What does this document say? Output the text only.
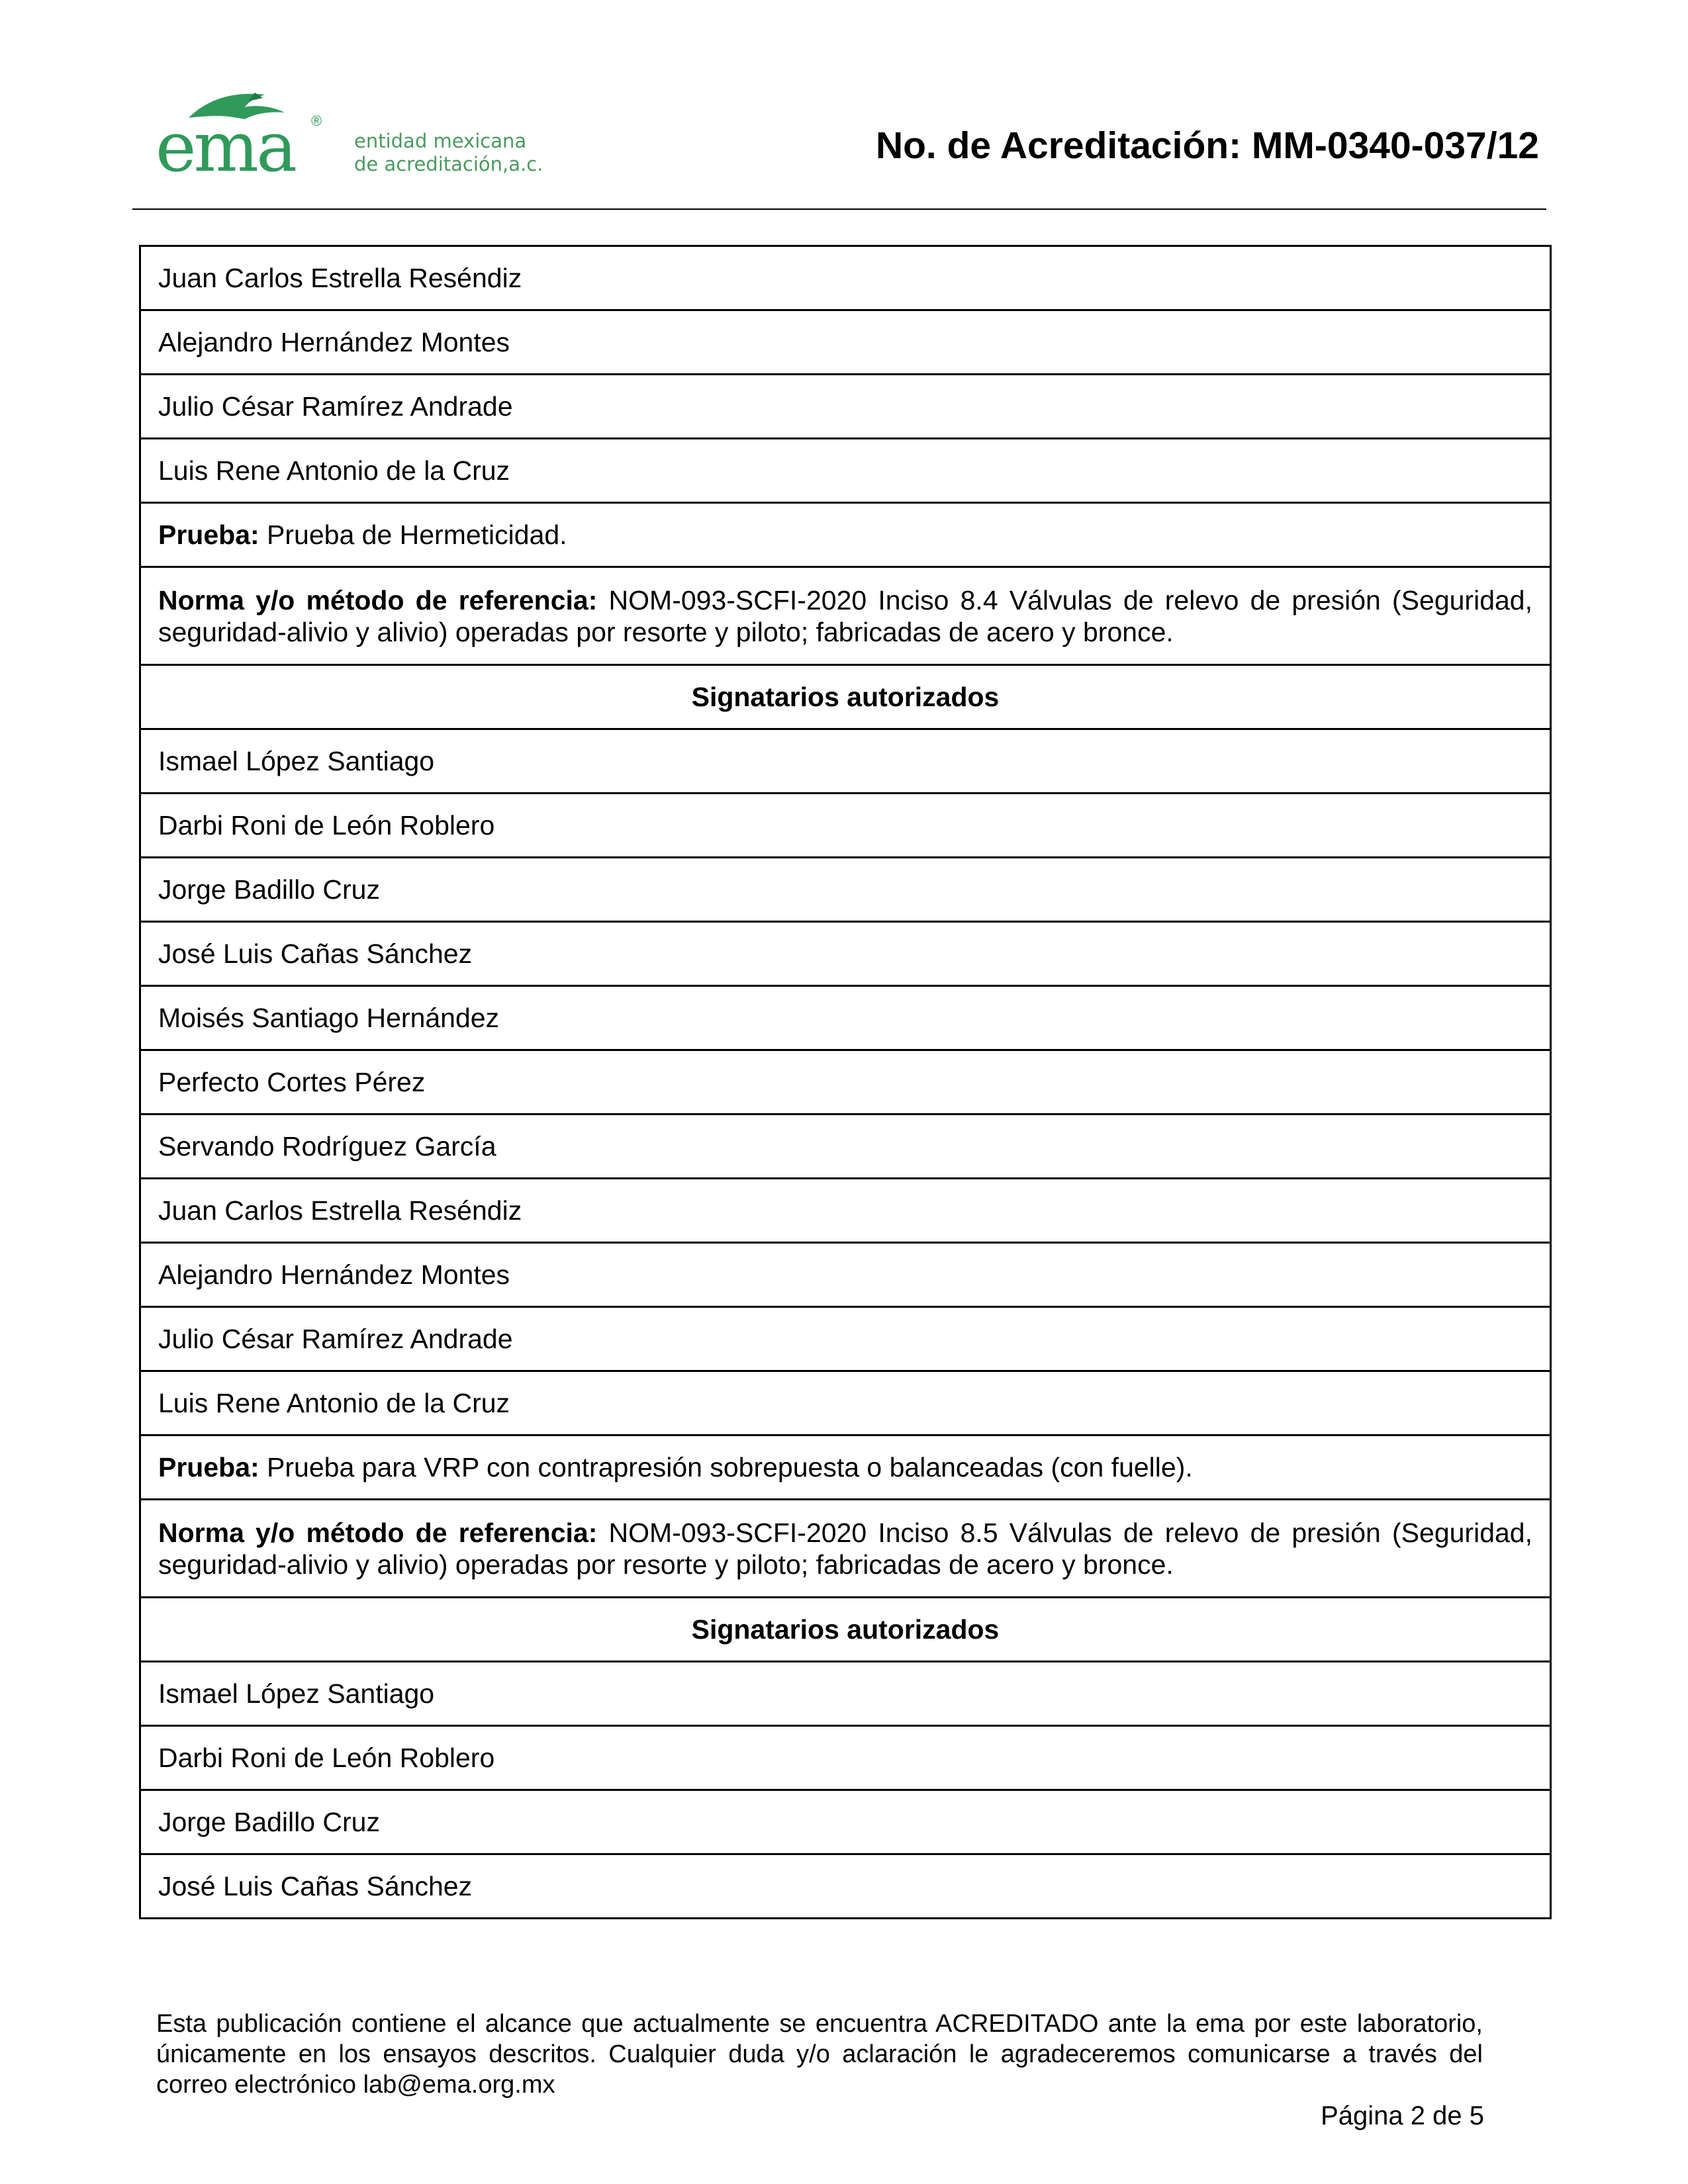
ema ®
entidad mexicana
de acreditación,a.c.	No. de Acreditación: MM-0340-037/12
Juan Carlos Estrella Reséndiz
Alejandro Hernández Montes
Julio César Ramírez Andrade
Luis Rene Antonio de la Cruz
Prueba: Prueba de Hermeticidad.
Norma y/o método de referencia: NOM-093-SCFI-2020 Inciso 8.4 Válvulas de relevo de presión (Seguridad, seguridad-alivio y alivio) operadas por resorte y piloto; fabricadas de acero y bronce.
Signatarios autorizados
Ismael López Santiago
Darbi Roni de León Roblero
Jorge Badillo Cruz
José Luis Cañas Sánchez
Moisés Santiago Hernández
Perfecto Cortes Pérez
Servando Rodríguez García
Juan Carlos Estrella Reséndiz
Alejandro Hernández Montes
Julio César Ramírez Andrade
Luis Rene Antonio de la Cruz
Prueba: Prueba para VRP con contrapresión sobrepuesta o balanceadas (con fuelle).
Norma y/o método de referencia: NOM-093-SCFI-2020 Inciso 8.5 Válvulas de relevo de presión (Seguridad, seguridad-alivio y alivio) operadas por resorte y piloto; fabricadas de acero y bronce.
Signatarios autorizados
Ismael López Santiago
Darbi Roni de León Roblero
Jorge Badillo Cruz
José Luis Cañas Sánchez
Esta publicación contiene el alcance que actualmente se encuentra ACREDITADO ante la ema por este laboratorio, únicamente en los ensayos descritos. Cualquier duda y/o aclaración le agradeceremos comunicarse a través del correo electrónico lab@ema.org.mx
Página 2 de 5
